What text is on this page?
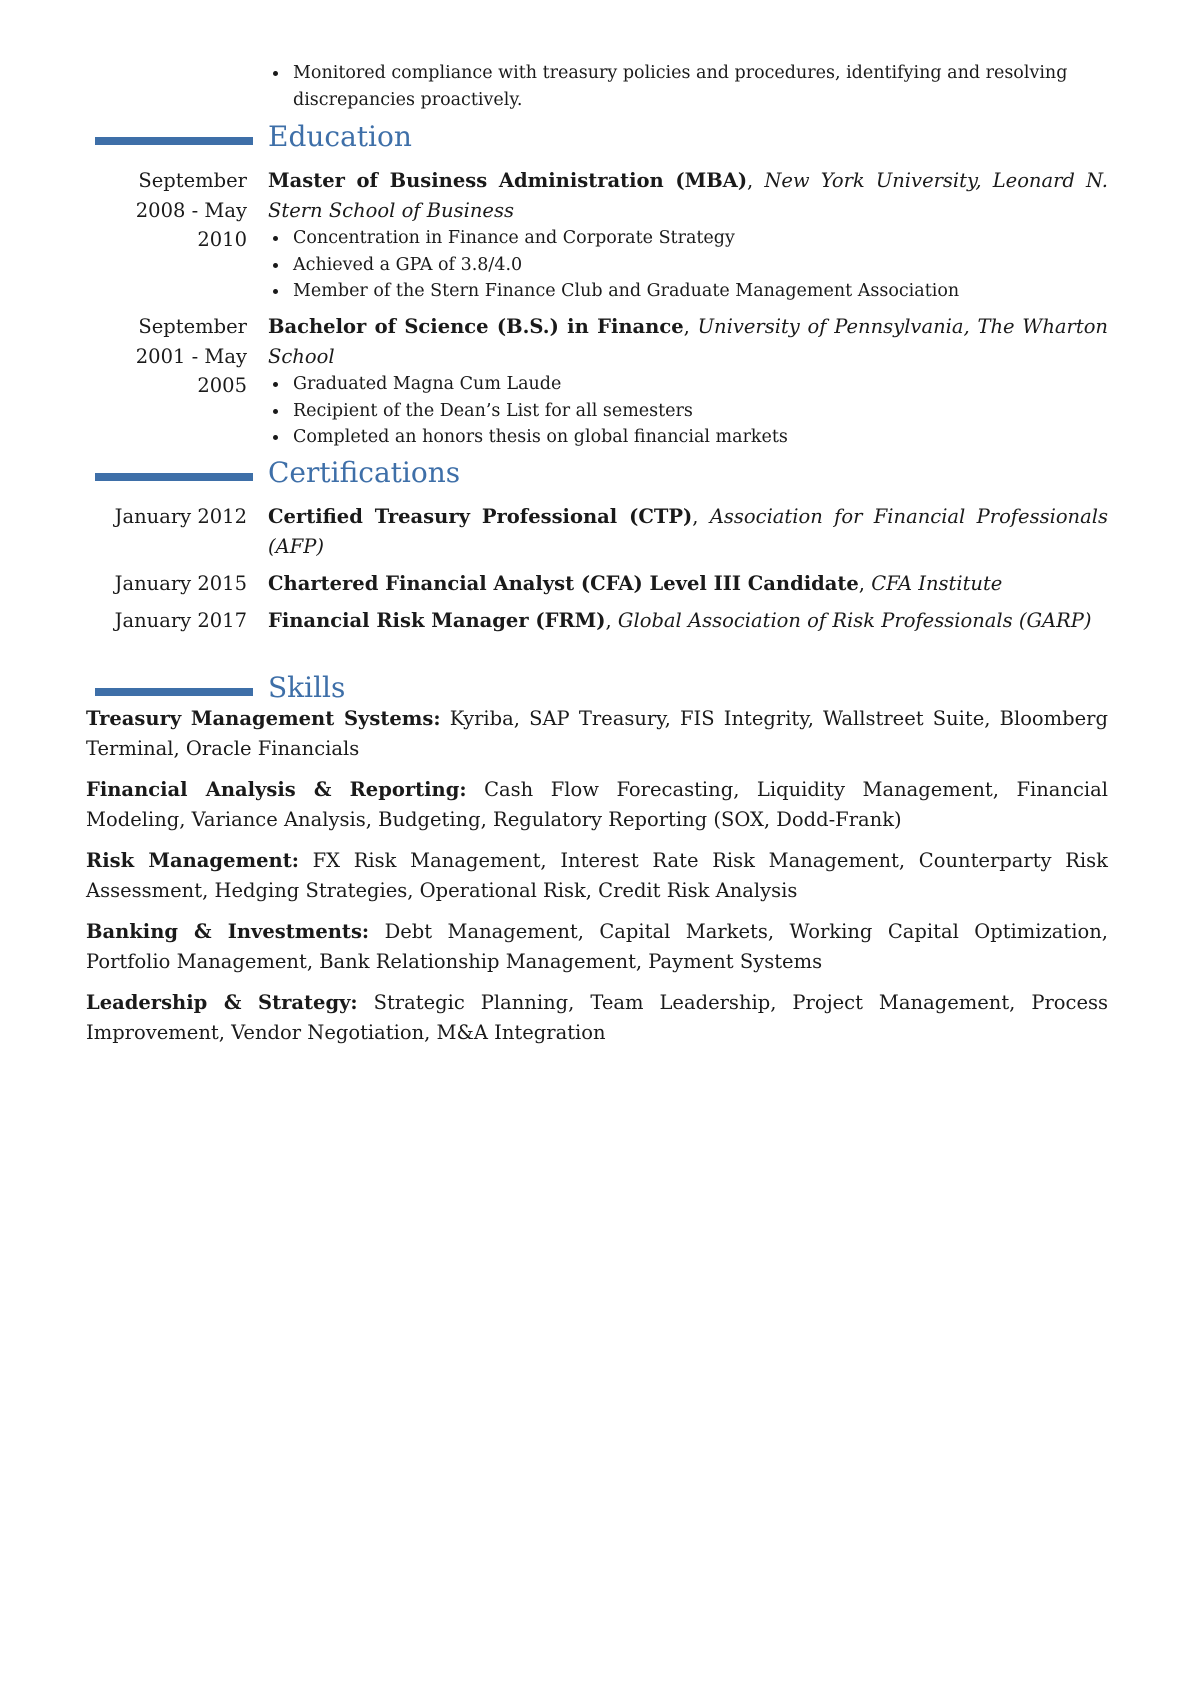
Monitored compliance with treasury policies and procedures, identifying and resolving discrepancies proactively.
Education
September 2008 - May 2010
Master of Business Administration (MBA), New York University, Leonard N. Stern School of Business
Concentration in Finance and Corporate Strategy
Achieved a GPA of 3.8/4.0
Member of the Stern Finance Club and Graduate Management Association
September 2001 - May 2005
Bachelor of Science (B.S.) in Finance, University of Pennsylvania, The Wharton School
Graduated Magna Cum Laude
Recipient of the Dean’s List for all semesters
Completed an honors thesis on global financial markets
Certifications
January 2012 Certified Treasury Professional (CTP), Association for Financial Professionals (AFP)
January 2015 Chartered Financial Analyst (CFA) Level III Candidate, CFA Institute
January 2017 Financial Risk Manager (FRM), Global Association of Risk Professionals (GARP)
Skills

Treasury Management Systems: Kyriba, SAP Treasury, FIS Integrity, Wallstreet Suite, Bloomberg Terminal, Oracle Financials

Financial Analysis & Reporting: Cash Flow Forecasting, Liquidity Management, Financial Modeling, Variance Analysis, Budgeting, Regulatory Reporting (SOX, Dodd-Frank)

Risk Management: FX Risk Management, Interest Rate Risk Management, Counterparty Risk Assessment, Hedging Strategies, Operational Risk, Credit Risk Analysis

Banking & Investments: Debt Management, Capital Markets, Working Capital Optimization, Portfolio Management, Bank Relationship Management, Payment Systems

Leadership & Strategy: Strategic Planning, Team Leadership, Project Management, Process Improvement, Vendor Negotiation, M&A Integration
